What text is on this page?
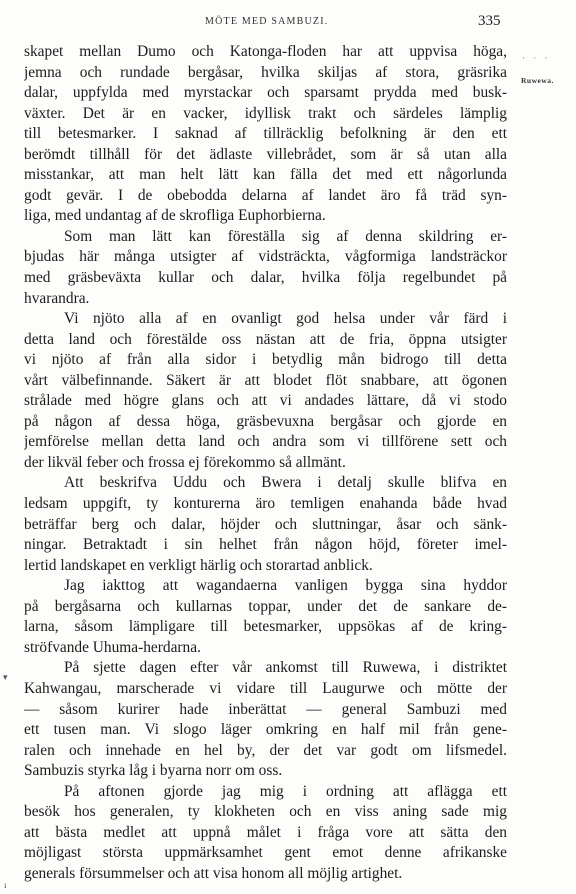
MÖTE MED SAMBUZI.	335
· · ·
Ruwewa.
▾
ı
skapet mellan Dumo och Katonga-floden har att uppvisa höga,
jemna och rundade bergåsar, hvilka skiljas af stora, gräsrika
dalar, uppfylda med myrstackar och sparsamt prydda med busk-
växter. Det är en vacker, idyllisk trakt och särdeles lämplig
till betesmarker. I saknad af tillräcklig befolkning är den ett
berömdt tillhåll för det ädlaste villebrådet, som är så utan alla
misstankar, att man helt lätt kan fälla det med ett någorlunda
godt gevär. I de obebodda delarna af landet äro få träd syn-
liga, med undantag af de skrofliga Euphorbierna.
Som man lätt kan föreställa sig af denna skildring er-
bjudas här många utsigter af vidsträckta, vågformiga landsträckor
med gräsbeväxta kullar och dalar, hvilka följa regelbundet på
hvarandra.
Vi njöto alla af en ovanligt god helsa under vår färd i
detta land och förestälde oss nästan att de fria, öppna utsigter
vi njöto af från alla sidor i betydlig mån bidrogo till detta
vårt välbefinnande. Säkert är att blodet flöt snabbare, att ögonen
strålade med högre glans och att vi andades lättare, då vi stodo
på någon af dessa höga, gräsbevuxna bergåsar och gjorde en
jemförelse mellan detta land och andra som vi tillförene sett och
der likväl feber och frossa ej förekommo så allmänt.
Att beskrifva Uddu och Bwera i detalj skulle blifva en
ledsam uppgift, ty konturerna äro temligen enahanda både hvad
beträffar berg och dalar, höjder och sluttningar, åsar och sänk-
ningar. Betraktadt i sin helhet från någon höjd, företer imel-
lertid landskapet en verkligt härlig och storartad anblick.
Jag iakttog att wagandaerna vanligen bygga sina hyddor
på bergåsarna och kullarnas toppar, under det de sankare de-
larna, såsom lämpligare till betesmarker, uppsökas af de kring-
ströfvande Uhuma-herdarna.
På sjette dagen efter vår ankomst till Ruwewa, i distriktet
Kahwangau, marscherade vi vidare till Laugurwe och mötte der
— såsom kurirer hade inberättat — general Sambuzi med
ett tusen man. Vi slogo läger omkring en half mil från gene-
ralen och innehade en hel by, der det var godt om lifsmedel.
Sambuzis styrka låg i byarna norr om oss.
På aftonen gjorde jag mig i ordning att aflägga ett
besök hos generalen, ty klokheten och en viss aning sade mig
att bästa medlet att uppnå målet i fråga vore att sätta den
möjligast största uppmärksamhet gent emot denne afrikanske
generals försummelser och att visa honom all möjlig artighet.
